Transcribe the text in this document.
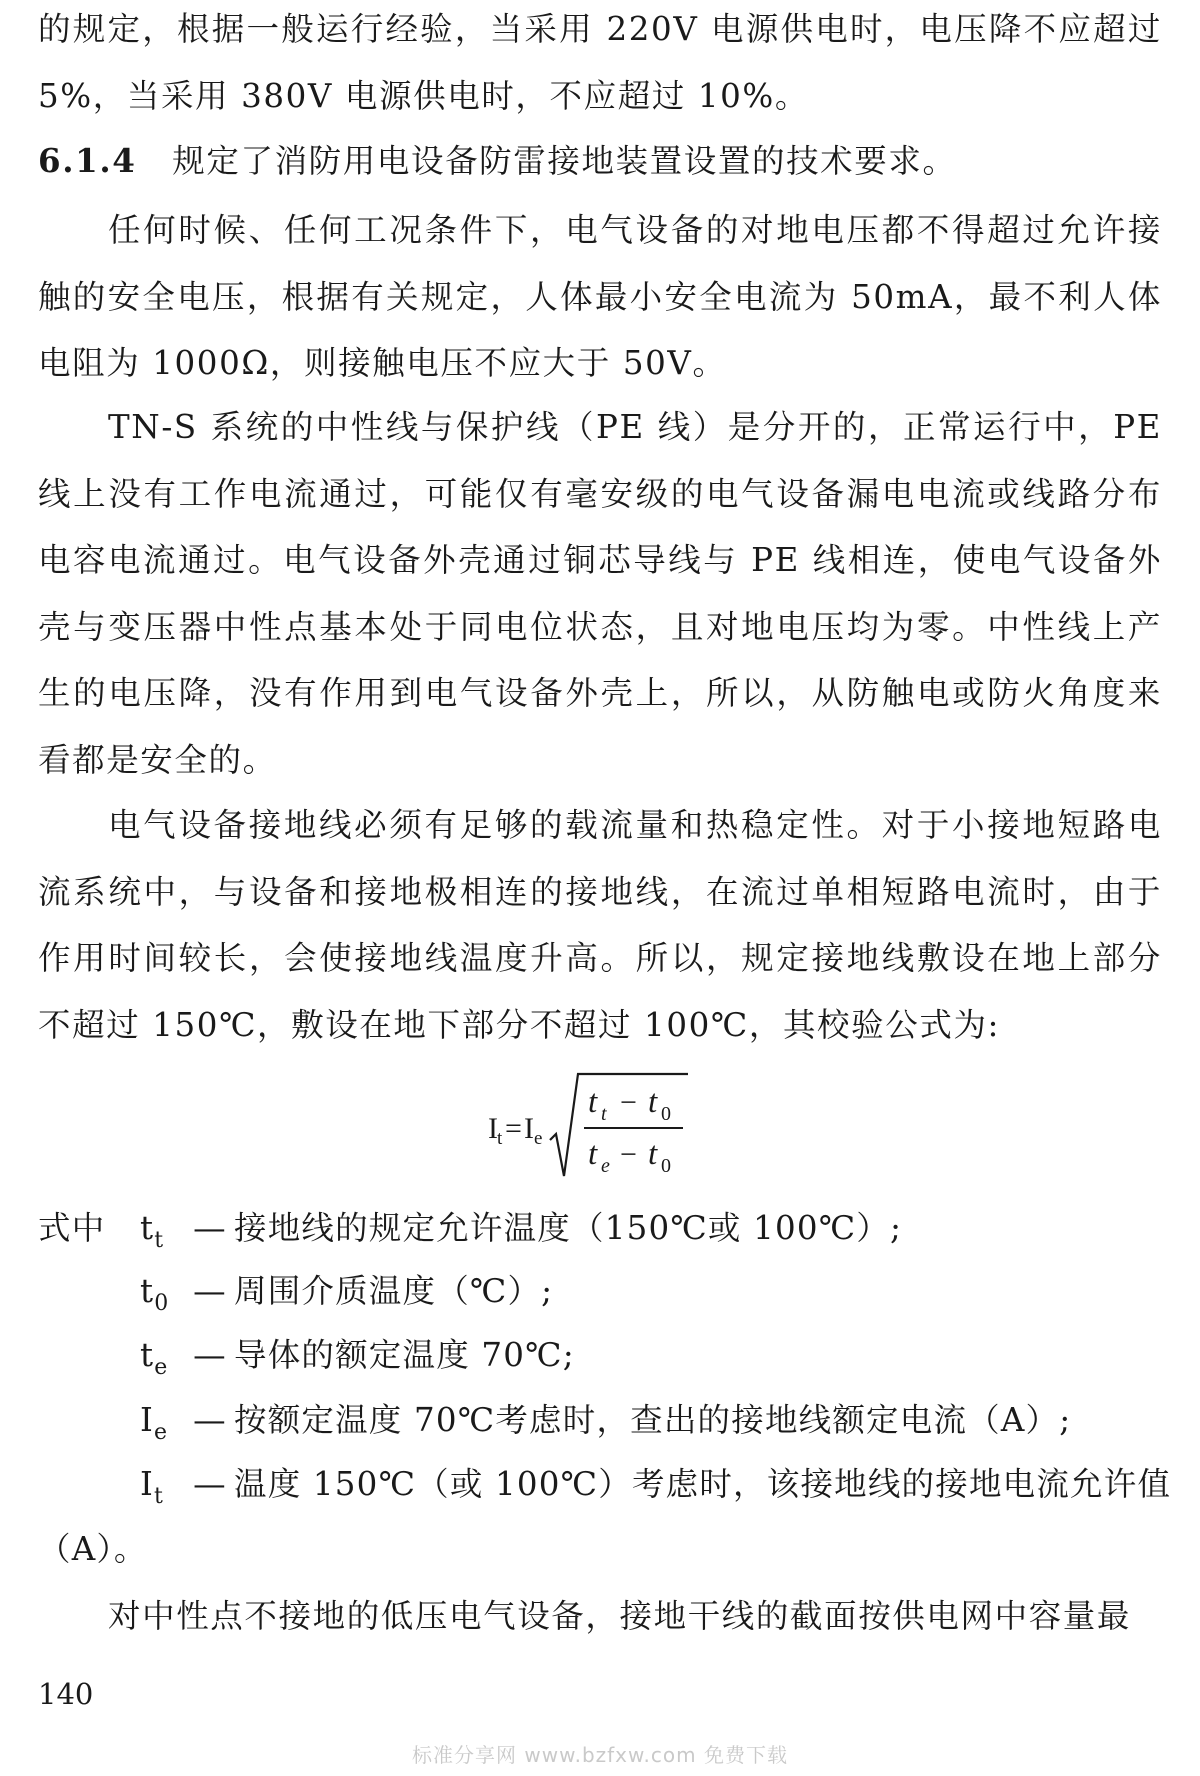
的规定，根据一般运行经验，当采用 220V 电源供电时，电压降不应超过 5%，当采用 380V 电源供电时，不应超过 10%。

6.1.4 规定了消防用电设备防雷接地装置设置的技术要求。

任何时候、任何工况条件下，电气设备的对地电压都不得超过允许接触的安全电压，根据有关规定，人体最小安全电流为 50mA，最不利人体电阻为 1000Ω，则接触电压不应大于 50V。

TN-S 系统的中性线与保护线（PE 线）是分开的，正常运行中，PE 线上没有工作电流通过，可能仅有毫安级的电气设备漏电电流或线路分布电容电流通过。电气设备外壳通过铜芯导线与 PE 线相连，使电气设备外壳与变压器中性点基本处于同电位状态，且对地电压均为零。中性线上产生的电压降，没有作用到电气设备外壳上，所以，从防触电或防火角度来看都是安全的。

电气设备接地线必须有足够的载流量和热稳定性。对于小接地短路电流系统中，与设备和接地极相连的接地线，在流过单相短路电流时，由于作用时间较长，会使接地线温度升高。所以，规定接地线敷设在地上部分不超过 150℃，敷设在地下部分不超过 100℃，其校验公式为:

I t = I e
t t − t 0
t e − t 0
式中 $t_t$ — 接地线的规定允许温度（150℃或 100℃）;
$t_0$ — 周围介质温度（℃）;
$t_e$ — 导体的额定温度 70℃;
$I_e$ — 按额定温度 70℃考虑时，查出的接地线额定电流（A）;
$I_t$ — 温度 150℃（或 100℃）考虑时，该接地线的接地电流允许值
（A）。

对中性点不接地的低压电气设备，接地干线的截面按供电网中容量最

140
标准分享网 www.bzfxw.com 免费下载
